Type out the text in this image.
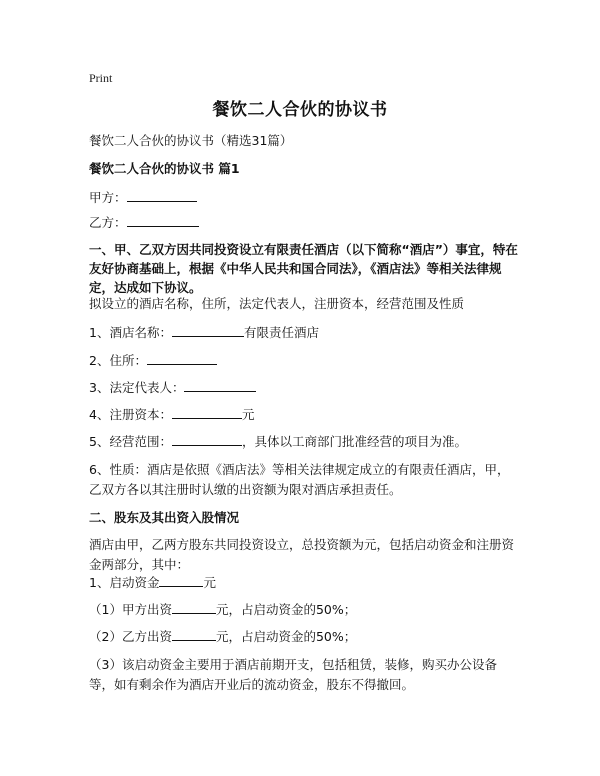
Print
餐饮二人合伙的协议书
餐饮二人合伙的协议书（精选31篇）
餐饮二人合伙的协议书 篇1
甲方：
乙方：
一、甲、乙双方因共同投资设立有限责任酒店（以下简称“酒店”）事宜，特在友好协商基础上，根据《中华人民共和国合同法》，《酒店法》等相关法律规定，达成如下协议。
拟设立的酒店名称，住所，法定代表人，注册资本，经营范围及性质
1、酒店名称：	有限责任酒店
2、住所：
3、法定代表人：
4、注册资本：	元
5、经营范围：	，具体以工商部门批准经营的项目为准。
6、性质：酒店是依照《酒店法》等相关法律规定成立的有限责任酒店，甲，乙双方各以其注册时认缴的出资额为限对酒店承担责任。
二、股东及其出资入股情况
酒店由甲，乙两方股东共同投资设立，总投资额为元，包括启动资金和注册资金两部分，其中：
1、启动资金	元
（1）甲方出资	元，占启动资金的50%；
（2）乙方出资	元，占启动资金的50%；
（3）该启动资金主要用于酒店前期开支，包括租赁，装修，购买办公设备等，如有剩余作为酒店开业后的流动资金，股东不得撤回。
